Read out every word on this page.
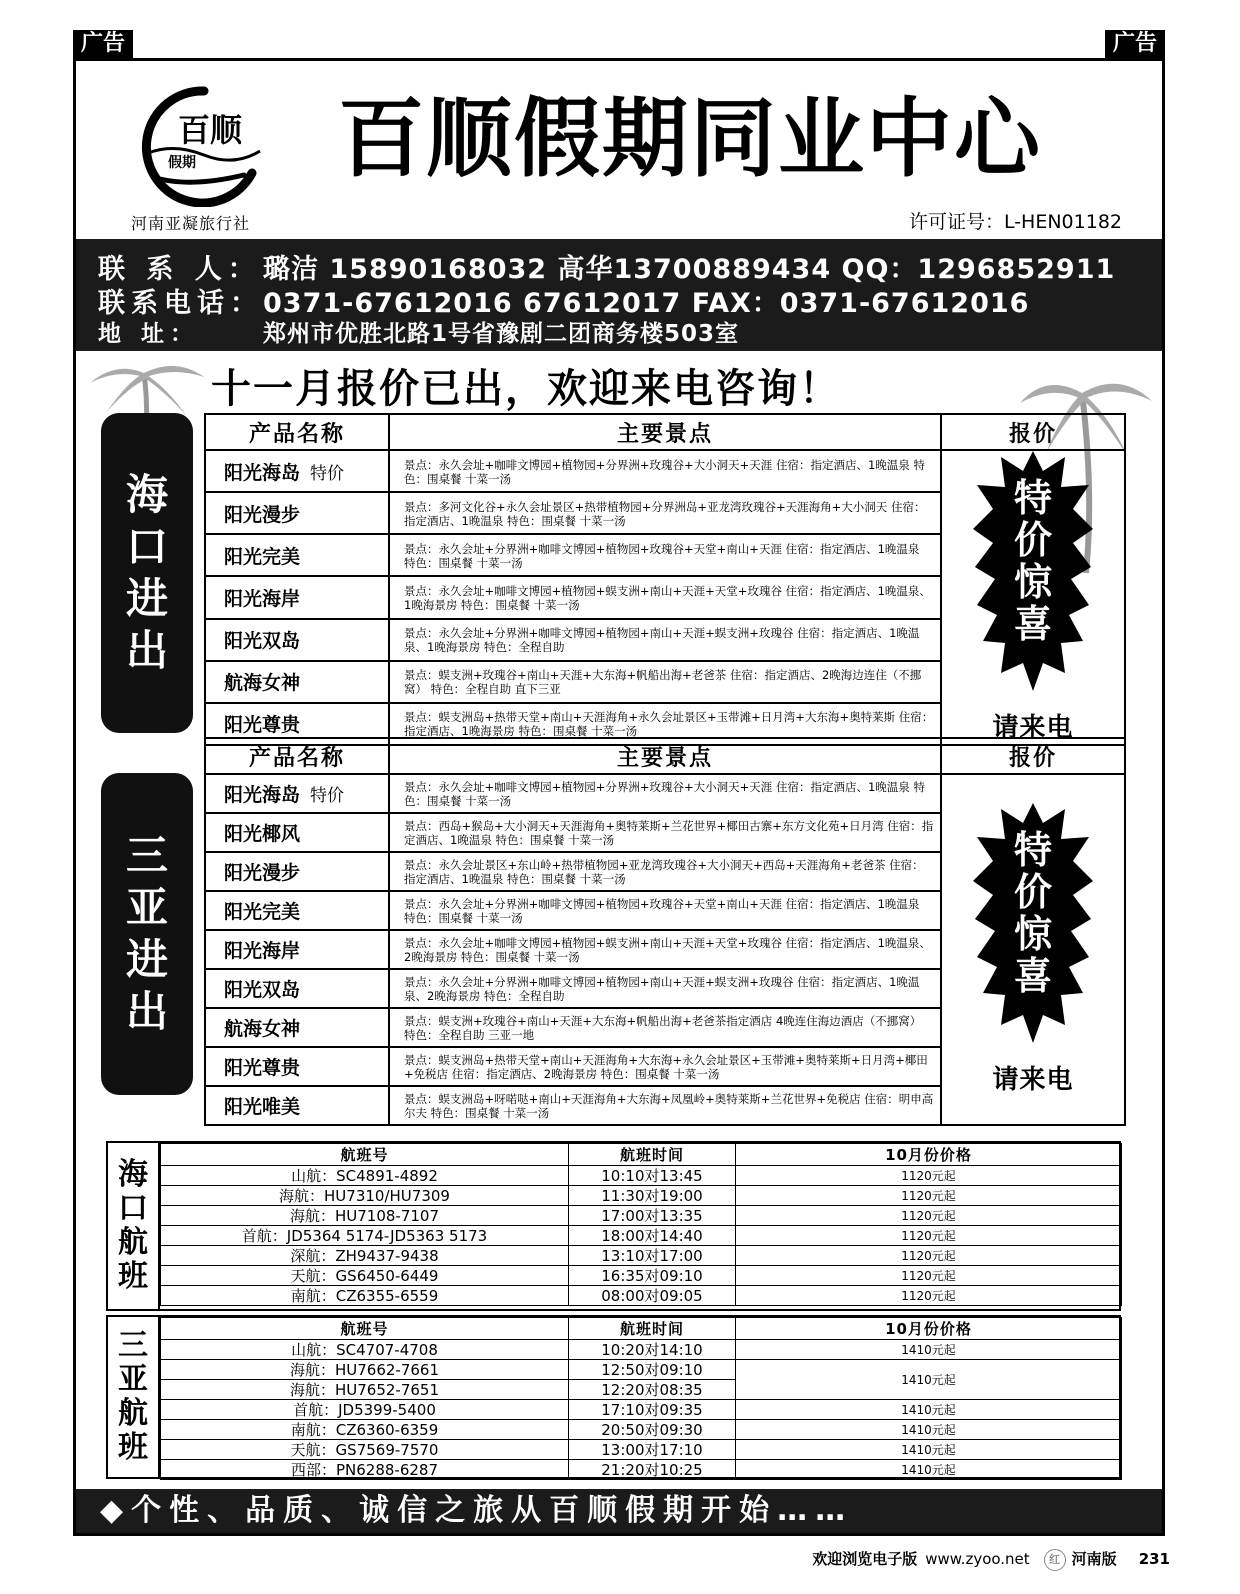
广告	广告
百顺
假期
河南亚凝旅行社
百顺假期同业中心
许可证号：L-HEN01182
联 系 人：璐洁 15890168032 高华13700889434 QQ：1296852911
联系电话：0371-67612016 67612017 FAX：0371-67612016
地 址：	郑州市优胜北路1号省豫剧二团商务楼503室
十一月报价已出，欢迎来电咨询！
海
口
进
出
产品名称	主要景点	报价
阳光海岛 特价	景点：永久会址+咖啡文博园+植物园+分界洲+玫瑰谷+大小洞天+天涯 住宿：指定酒店、1晚温泉 特色：围桌餐 十菜一汤	特
价
惊
喜
请来电

阳光漫步	景点：多河文化谷+永久会址景区+热带植物园+分界洲岛+亚龙湾玫瑰谷+天涯海角+大小洞天 住宿：指定酒店、1晚温泉 特色：围桌餐 十菜一汤	
阳光完美	景点：永久会址+分界洲+咖啡文博园+植物园+玫瑰谷+天堂+南山+天涯 住宿：指定酒店、1晚温泉 特色：围桌餐 十菜一汤	
阳光海岸	景点：永久会址+咖啡文博园+植物园+蜈支洲+南山+天涯+天堂+玫瑰谷 住宿：指定酒店、1晚温泉、1晚海景房 特色：围桌餐 十菜一汤	
阳光双岛	景点：永久会址+分界洲+咖啡文博园+植物园+南山+天涯+蜈支洲+玫瑰谷 住宿：指定酒店、1晚温泉、1晚海景房 特色：全程自助	
航海女神	景点：蜈支洲+玫瑰谷+南山+天涯+大东海+帆船出海+老爸茶 住宿：指定酒店、2晚海边连住（不挪窝） 特色：全程自助 直下三亚	
阳光尊贵	景点：蜈支洲岛+热带天堂+南山+天涯海角+永久会址景区+玉带滩+日月湾+大东海+奥特莱斯 住宿：指定酒店、1晚海景房 特色：围桌餐 十菜一汤	
三
亚
进
出
产品名称	主要景点	报价
阳光海岛 特价	景点：永久会址+咖啡文博园+植物园+分界洲+玫瑰谷+大小洞天+天涯 住宿：指定酒店、1晚温泉 特色：围桌餐 十菜一汤	特
价
惊
喜
请来电

阳光椰风	景点：西岛+猴岛+大小洞天+天涯海角+奥特莱斯+兰花世界+椰田古寨+东方文化苑+日月湾 住宿：指定酒店、1晚温泉 特色：围桌餐 十菜一汤	
阳光漫步	景点：永久会址景区+东山岭+热带植物园+亚龙湾玫瑰谷+大小洞天+西岛+天涯海角+老爸茶 住宿：指定酒店、1晚温泉 特色：围桌餐 十菜一汤	
阳光完美	景点：永久会址+分界洲+咖啡文博园+植物园+玫瑰谷+天堂+南山+天涯 住宿：指定酒店、1晚温泉 特色：围桌餐 十菜一汤	
阳光海岸	景点：永久会址+咖啡文博园+植物园+蜈支洲+南山+天涯+天堂+玫瑰谷 住宿：指定酒店、1晚温泉、2晚海景房 特色：围桌餐 十菜一汤	
阳光双岛	景点：永久会址+分界洲+咖啡文博园+植物园+南山+天涯+蜈支洲+玫瑰谷 住宿：指定酒店、1晚温泉、2晚海景房 特色：全程自助	
航海女神	景点：蜈支洲+玫瑰谷+南山+天涯+大东海+帆船出海+老爸茶指定酒店 4晚连住海边酒店（不挪窝） 特色：全程自助 三亚一地	
阳光尊贵	景点：蜈支洲岛+热带天堂+南山+天涯海角+大东海+永久会址景区+玉带滩+奥特莱斯+日月湾+椰田+免税店 住宿：指定酒店、2晚海景房 特色：围桌餐 十菜一汤	
阳光唯美	景点：蜈支洲岛+呀喏哒+南山+天涯海角+大东海+凤凰岭+奥特莱斯+兰花世界+免税店 住宿：明申高尔夫 特色：围桌餐 十菜一汤	
海
口
航
班
航班号	航班时间	10月份价格
山航：SC4891-4892	10:10对13:45	1120元起
海航：HU7310/HU7309	11:30对19:00	1120元起
海航：HU7108-7107	17:00对13:35	1120元起
首航：JD5364 5174-JD5363 5173	18:00对14:40	1120元起
深航：ZH9437-9438	13:10对17:00	1120元起
天航：GS6450-6449	16:35对09:10	1120元起
南航：CZ6355-6559	08:00对09:05	1120元起
三
亚
航
班
航班号	航班时间	10月份价格
山航：SC4707-4708	10:20对14:10	1410元起
海航：HU7662-7661	12:50对09:10	1410元起
海航：HU7652-7651	12:20对08:35	
首航：JD5399-5400	17:10对09:35	1410元起
南航：CZ6360-6359	20:50对09:30	1410元起
天航：GS7569-7570	13:00对17:10	1410元起
西部：PN6288-6287	21:20对10:25	1410元起
◆个性、品质、诚信之旅从百顺假期开始……
欢迎浏览电子版 www.zyoo.net 红 河南版 231
